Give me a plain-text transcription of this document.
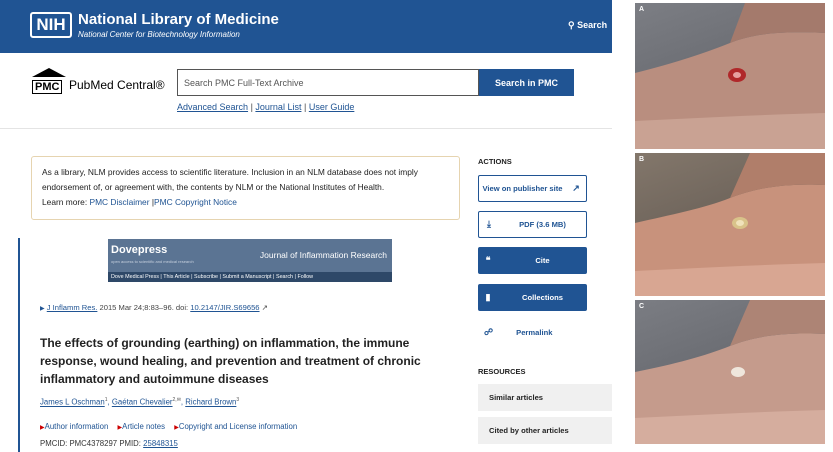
NIH National Library of Medicine
National Center for Biotechnology Information
⚲ Search
PMC PubMed Central®
Search PMC Full-Text Archive	Search in PMC
Advanced Search | Journal List | User Guide
As a library, NLM provides access to scientific literature. Inclusion in an NLM database does not imply endorsement of, or agreement with, the contents by NLM or the National Institutes of Health.
Learn more: PMC Disclaimer |PMC Copyright Notice
Dovepress
open access to scientific and medical research
Journal of Inflammation Research
Dove Medical Press | This Article | Subscribe | Submit a Manuscript | Search | Follow
▶ J Inflamm Res. 2015 Mar 24;8:83–96. doi: 10.2147/JIR.S69656 ↗
The effects of grounding (earthing) on inflammation, the immune response, wound healing, and prevention and treatment of chronic inflammatory and autoimmune diseases
James L Oschman$^1$, Gaétan Chevalier$^{2,✉}$, Richard Brown$^3$
▶Author information ▶Article notes ▶Copyright and License information
PMCID: PMC4378297 PMID: 25848315
ACTIONS
View on publisher site	↗
⤓	PDF (3.6 MB)
❝	Cite
▮	Collections
☍	Permalink
RESOURCES
Similar articles
Cited by other articles
A
B
C
